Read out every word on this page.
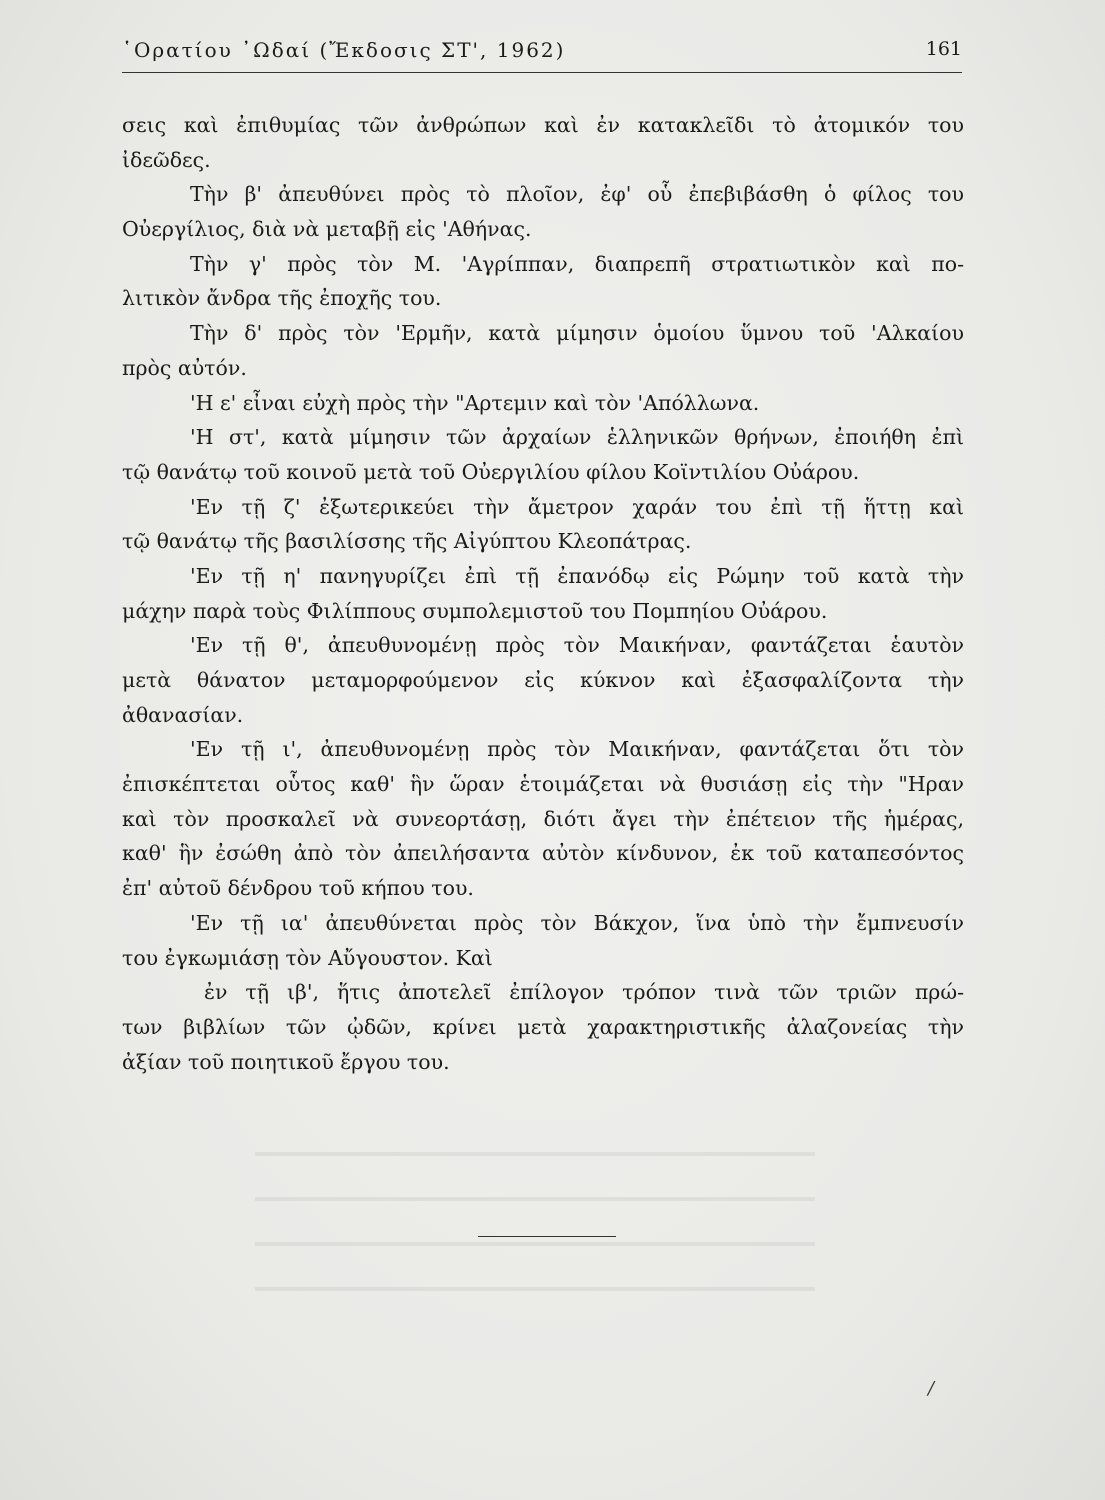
῾Ορατίου ᾿Ωδαί (Ἔκδοσις ΣΤ', 1962)	161
σεις καὶ ἐπιθυμίας τῶν ἀνθρώπων καὶ ἐν κατακλεῖδι τὸ ἀτομικόν του
ἰδεῶδες.
Τὴν β' ἀπευθύνει πρὸς τὸ πλοῖον, ἐφ' οὗ ἐπεβιβάσθη ὁ φίλος του
Οὐεργίλιος, διὰ νὰ μεταβῇ εἰς 'Αθήνας.
Τὴν γ' πρὸς τὸν Μ. 'Αγρίππαν, διαπρεπῆ στρατιωτικὸν καὶ πο-
λιτικὸν ἄνδρα τῆς ἐποχῆς του.
Τὴν δ' πρὸς τὸν 'Ερμῆν, κατὰ μίμησιν ὁμοίου ὕμνου τοῦ 'Αλκαίου
πρὸς αὐτόν.
'Η ε' εἶναι εὐχὴ πρὸς τὴν "Αρτεμιν καὶ τὸν 'Απόλλωνα.
'Η στ', κατὰ μίμησιν τῶν ἀρχαίων ἑλληνικῶν θρήνων, ἐποιήθη ἐπὶ
τῷ θανάτῳ τοῦ κοινοῦ μετὰ τοῦ Οὐεργιλίου φίλου Κοϊντιλίου Οὐάρου.
'Εν τῇ ζ' ἐξωτερικεύει τὴν ἄμετρον χαράν του ἐπὶ τῇ ἥττῃ καὶ
τῷ θανάτῳ τῆς βασιλίσσης τῆς Αἰγύπτου Κλεοπάτρας.
'Εν τῇ η' πανηγυρίζει ἐπὶ τῇ ἐπανόδῳ εἰς Ρώμην τοῦ κατὰ τὴν
μάχην παρὰ τοὺς Φιλίππους συμπολεμιστοῦ του Πομπηίου Οὐάρου.
'Εν τῇ θ', ἀπευθυνομένῃ πρὸς τὸν Μαικήναν, φαντάζεται ἑαυτὸν
μετὰ θάνατον μεταμορφούμενον εἰς κύκνον καὶ ἐξασφαλίζοντα τὴν
ἀθανασίαν.
'Εν τῇ ι', ἀπευθυνομένῃ πρὸς τὸν Μαικήναν, φαντάζεται ὅτι τὸν
ἐπισκέπτεται οὗτος καθ' ἣν ὥραν ἑτοιμάζεται νὰ θυσιάσῃ εἰς τὴν "Ηραν
καὶ τὸν προσκαλεῖ νὰ συνεορτάσῃ, διότι ἄγει τὴν ἐπέτειον τῆς ἡμέρας,
καθ' ἣν ἐσώθη ἀπὸ τὸν ἀπειλήσαντα αὐτὸν κίνδυνον, ἐκ τοῦ καταπεσόντος
ἐπ' αὐτοῦ δένδρου τοῦ κήπου του.
'Εν τῇ ια' ἀπευθύνεται πρὸς τὸν Βάκχον, ἵνα ὑπὸ τὴν ἔμπνευσίν
του ἐγκωμιάσῃ τὸν Αὔγουστον. Καὶ
ἐν τῇ ιβ', ἥτις ἀποτελεῖ ἐπίλογον τρόπον τινὰ τῶν τριῶν πρώ-
των βιβλίων τῶν ᾠδῶν, κρίνει μετὰ χαρακτηριστικῆς ἀλαζονείας τὴν
ἀξίαν τοῦ ποιητικοῦ ἔργου του.
/
